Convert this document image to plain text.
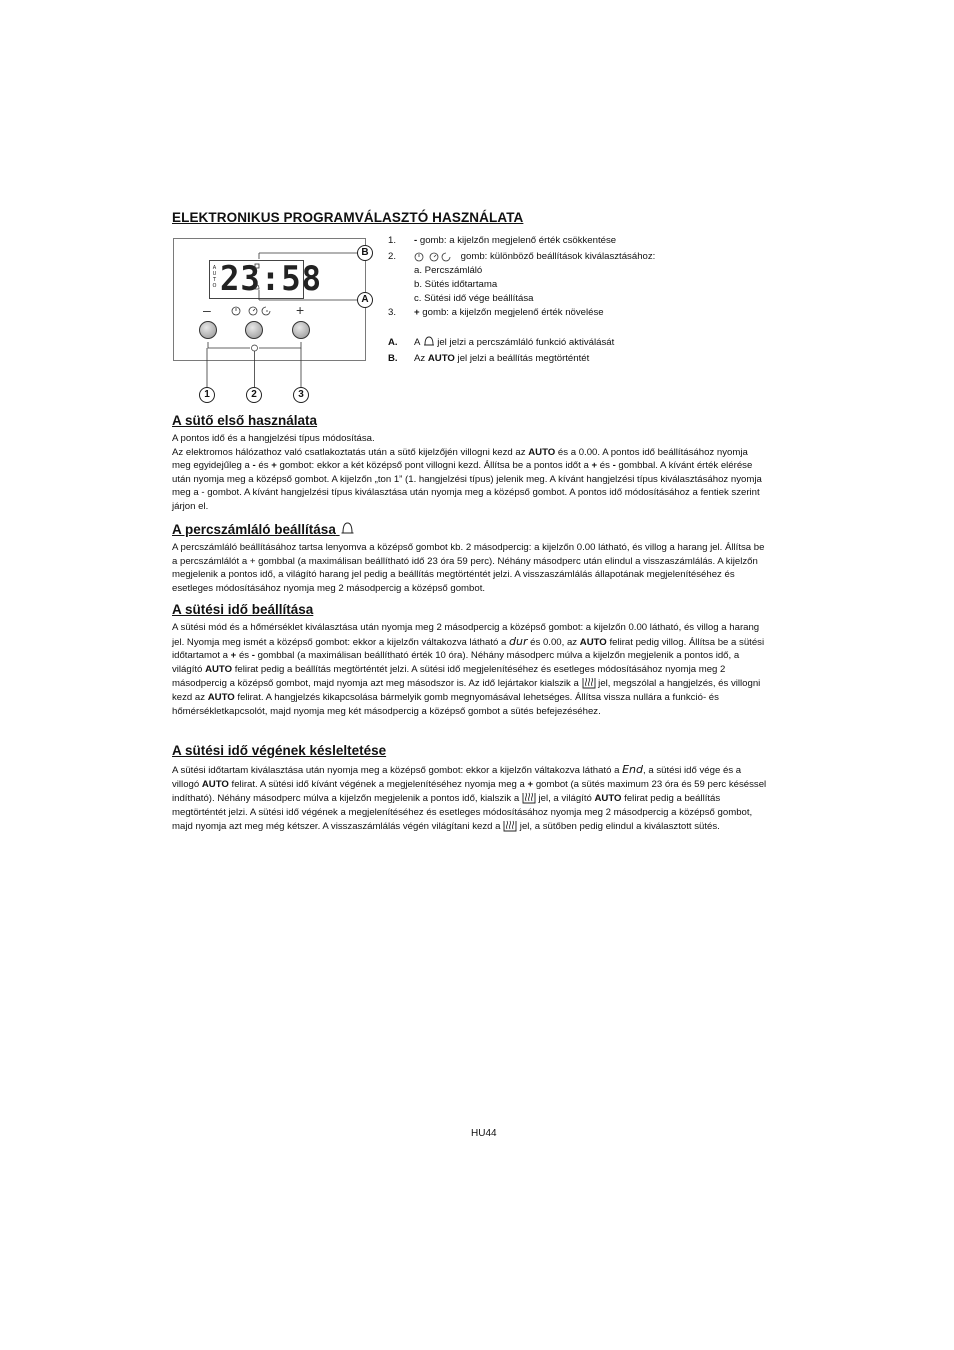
ELEKTRONIKUS PROGRAMVÁLASZTÓ HASZNÁLATA
A
U
T
O 23:58
–	+
B
A
1	2	3
1. - gomb: a kijelzőn megjelenő érték csökkentése
2.	gomb: különböző beállítások kiválasztásához:
a. Percszámláló
b. Sütés időtartama
c. Sütési idő vége beállítása
3. + gomb: a kijelzőn megjelenő érték növelése
A. A  jel jelzi a percszámláló funkció aktiválását
B. Az AUTO jel jelzi a beállítás megtörténtét
A sütő első használata

A pontos idő és a hangjelzési típus módosítása.

Az elektromos hálózathoz való csatlakoztatás után a sütő kijelzőjén villogni kezd az AUTO és a 0.00. A pontos idő beállításához nyomja meg egyidejűleg a - és + gombot: ekkor a két középső pont villogni kezd. Állítsa be a pontos időt a + és - gombbal. A kívánt érték elérése után nyomja meg a középső gombot. A kijelzőn „ton 1” (1. hangjelzési típus) jelenik meg. A kívánt hangjelzési típus kiválasztásához nyomja meg a - gombot. A kívánt hangjelzési típus kiválasztása után nyomja meg a középső gombot. A pontos idő módosításához a fentiek szerint járjon el.

A percszámláló beállítása

A percszámláló beállításához tartsa lenyomva a középső gombot kb. 2 másodpercig: a kijelzőn 0.00 látható, és villog a harang jel. Állítsa be a percszámlálót a + gombbal (a maximálisan beállítható idő 23 óra 59 perc). Néhány másodperc után elindul a visszaszámlálás. A kijelzőn megjelenik a pontos idő, a világító harang jel pedig a beállítás megtörténtét jelzi. A visszaszámlálás állapotának megjelenítéséhez és esetleges módosításához nyomja meg 2 másodpercig a középső gombot.

A sütési idő beállítása

A sütési mód és a hőmérséklet kiválasztása után nyomja meg 2 másodpercig a középső gombot: a kijelzőn 0.00 látható, és villog a harang jel. Nyomja meg ismét a középső gombot: ekkor a kijelzőn váltakozva látható a dur és 0.00, az AUTO felirat pedig villog. Állítsa be a sütési időtartamot a + és - gombbal (a maximálisan beállítható érték 10 óra). Néhány másodperc múlva a kijelzőn megjelenik a pontos idő, a világító AUTO felirat pedig a beállítás megtörténtét jelzi. A sütési idő megjelenítéséhez és esetleges módosításához nyomja meg 2 másodpercig a középső gombot, majd nyomja azt meg másodszor is. Az idő lejártakor kialszik a  jel, megszólal a hangjelzés, és villogni kezd az AUTO felirat. A hangjelzés kikapcsolása bármelyik gomb megnyomásával lehetséges. Állítsa vissza nullára a funkció- és hőmérsékletkapcsolót, majd nyomja meg két másodpercig a középső gombot a sütés befejezéséhez.

A sütési idő végének késleltetése

A sütési időtartam kiválasztása után nyomja meg a középső gombot: ekkor a kijelzőn váltakozva látható a End, a sütési idő vége és a villogó AUTO felirat. A sütési idő kívánt végének a megjelenítéséhez nyomja meg a + gombot (a sütés maximum 23 óra és 59 perc késéssel indítható). Néhány másodperc múlva a kijelzőn megjelenik a pontos idő, kialszik a  jel, a világító AUTO felirat pedig a beállítás megtörténtét jelzi. A sütési idő végének a megjelenítéséhez és esetleges módosításához nyomja meg 2 másodpercig a középső gombot, majd nyomja azt meg még kétszer. A visszaszámlálás végén világítani kezd a  jel, a sütőben pedig elindul a kiválasztott sütés.

HU44
